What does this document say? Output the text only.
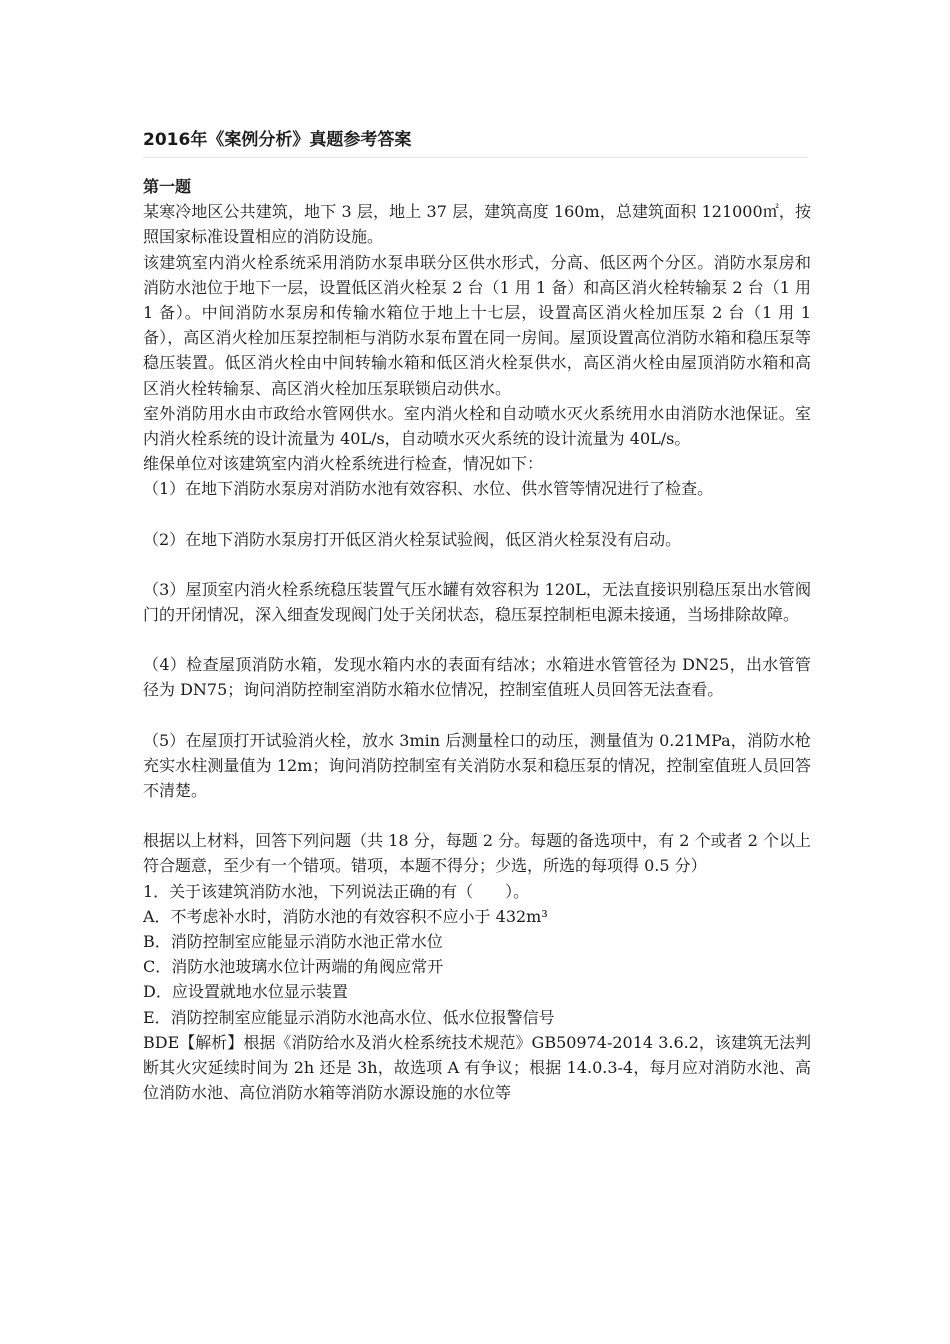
2016年《案例分析》真题参考答案

第一题

某寒冷地区公共建筑，地下 3 层，地上 37 层，建筑高度 160m，总建筑面积 121000㎡，按照国家标准设置相应的消防设施。

该建筑室内消火栓系统采用消防水泵串联分区供水形式，分高、低区两个分区。消防水泵房和消防水池位于地下一层，设置低区消火栓泵 2 台（1 用 1 备）和高区消火栓转输泵 2 台（1 用 1 备）。中间消防水泵房和传输水箱位于地上十七层，设置高区消火栓加压泵 2 台（1 用 1 备），高区消火栓加压泵控制柜与消防水泵布置在同一房间。屋顶设置高位消防水箱和稳压泵等稳压装置。低区消火栓由中间转输水箱和低区消火栓泵供水，高区消火栓由屋顶消防水箱和高区消火栓转输泵、高区消火栓加压泵联锁启动供水。

室外消防用水由市政给水管网供水。室内消火栓和自动喷水灭火系统用水由消防水池保证。室内消火栓系统的设计流量为 40L/s，自动喷水灭火系统的设计流量为 40L/s。

维保单位对该建筑室内消火栓系统进行检查，情况如下：

（1）在地下消防水泵房对消防水池有效容积、水位、供水管等情况进行了检查。

（2）在地下消防水泵房打开低区消火栓泵试验阀，低区消火栓泵没有启动。

（3）屋顶室内消火栓系统稳压装置气压水罐有效容积为 120L，无法直接识别稳压泵出水管阀门的开闭情况，深入细查发现阀门处于关闭状态，稳压泵控制柜电源未接通，当场排除故障。

（4）检查屋顶消防水箱，发现水箱内水的表面有结冰；水箱进水管管径为 DN25，出水管管径为 DN75；询问消防控制室消防水箱水位情况，控制室值班人员回答无法查看。

（5）在屋顶打开试验消火栓，放水 3min 后测量栓口的动压，测量值为 0.21MPa，消防水枪充实水柱测量值为 12m；询问消防控制室有关消防水泵和稳压泵的情况，控制室值班人员回答不清楚。

根据以上材料，回答下列问题（共 18 分，每题 2 分。每题的备选项中，有 2 个或者 2 个以上符合题意，至少有一个错项。错项，本题不得分；少选，所选的每项得 0.5 分）

1．关于该建筑消防水池，下列说法正确的有（　　）。

A．不考虑补水时，消防水池的有效容积不应小于 432m³

B．消防控制室应能显示消防水池正常水位

C．消防水池玻璃水位计两端的角阀应常开

D．应设置就地水位显示装置

E．消防控制室应能显示消防水池高水位、低水位报警信号

BDE【解析】根据《消防给水及消火栓系统技术规范》GB50974-2014 3.6.2，该建筑无法判断其火灾延续时间为 2h 还是 3h，故选项 A 有争议；根据 14.0.3-4，每月应对消防水池、高位消防水池、高位消防水箱等消防水源设施的水位等
